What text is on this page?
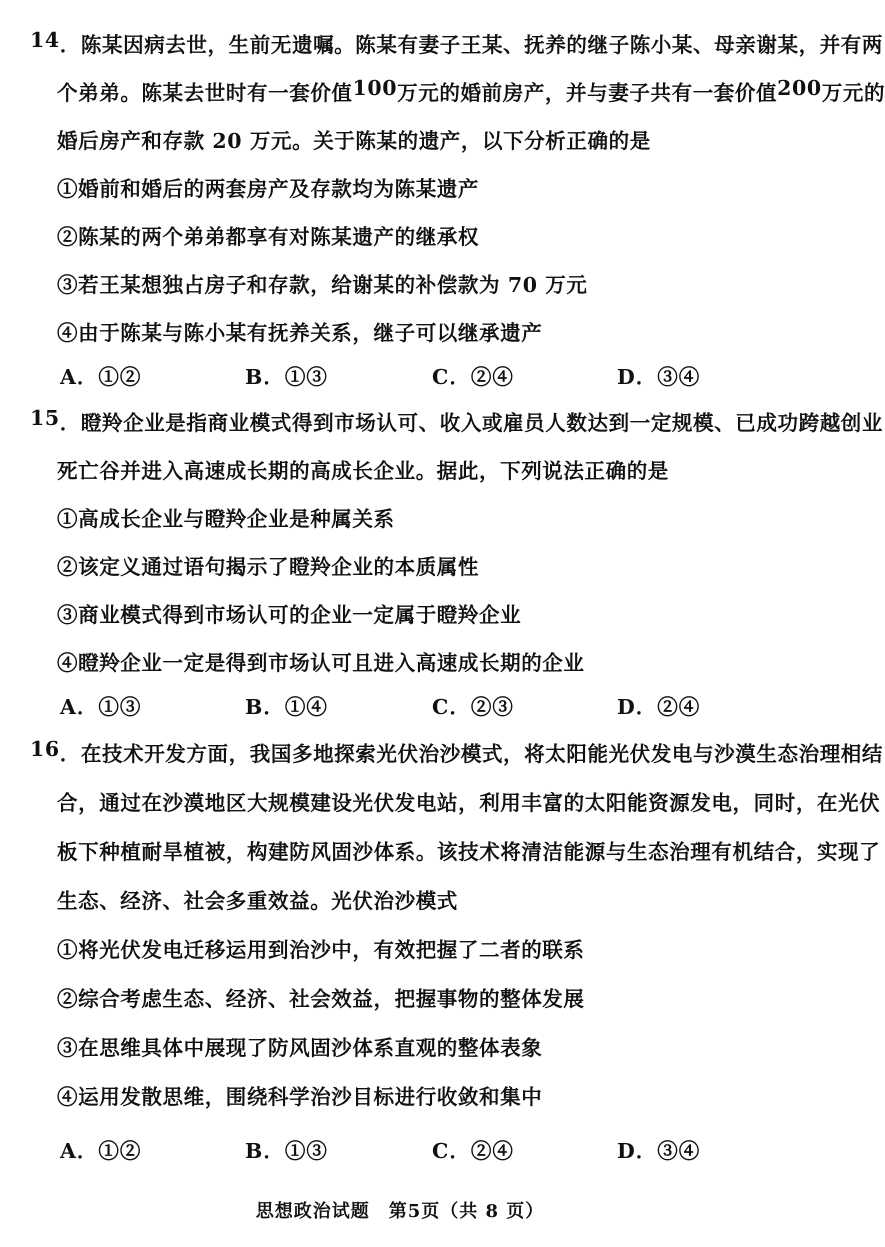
1 4 ． 陈 某 因 病 去 世 ， 生 前 无 遗 嘱 。 陈 某 有 妻 子 王 某 、 抚 养 的 继 子 陈 小 某 、 母 亲 谢 某 ， 并 有 两
个 弟 弟 。 陈 某 去 世 时 有 一 套 价 值 1 0 0 万 元 的 婚 前 房 产 ， 并 与 妻 子 共 有 一 套 价 值 2 0 0 万 元 的
婚后房产和存款 20 万元。关于陈某的遗产，以下分析正确的是
①婚前和婚后的两套房产及存款均为陈某遗产
②陈某的两个弟弟都享有对陈某遗产的继承权
③若王某想独占房子和存款，给谢某的补偿款为 70 万元
④由于陈某与陈小某有抚养关系，继子可以继承遗产
A．①②	B．①③	C．②④	D．③④
1 5 ． 瞪 羚 企 业 是 指 商 业 模 式 得 到 市 场 认 可 、 收 入 或 雇 员 人 数 达 到 一 定 规 模 、 已 成 功 跨 越 创 业
死亡谷并进入高速成长期的高成长企业。据此，下列说法正确的是
①高成长企业与瞪羚企业是种属关系
②该定义通过语句揭示了瞪羚企业的本质属性
③商业模式得到市场认可的企业一定属于瞪羚企业
④瞪羚企业一定是得到市场认可且进入高速成长期的企业
A．①③	B．①④	C．②③	D．②④
1 6 ． 在 技 术 开 发 方 面 ， 我 国 多 地 探 索 光 伏 治 沙 模 式 ， 将 太 阳 能 光 伏 发 电 与 沙 漠 生 态 治 理 相 结
合 ， 通 过 在 沙 漠 地 区 大 规 模 建 设 光 伏 发 电 站 ， 利 用 丰 富 的 太 阳 能 资 源 发 电 ， 同 时 ， 在 光 伏
板 下 种 植 耐 旱 植 被 ， 构 建 防 风 固 沙 体 系 。 该 技 术 将 清 洁 能 源 与 生 态 治 理 有 机 结 合 ， 实 现 了
生态、经济、社会多重效益。光伏治沙模式
①将光伏发电迁移运用到治沙中，有效把握了二者的联系
②综合考虑生态、经济、社会效益，把握事物的整体发展
③在思维具体中展现了防风固沙体系直观的整体表象
④运用发散思维，围绕科学治沙目标进行收敛和集中
A．①②	B．①③	C．②④	D．③④
思想政治试题　第5页（共 8 页）
